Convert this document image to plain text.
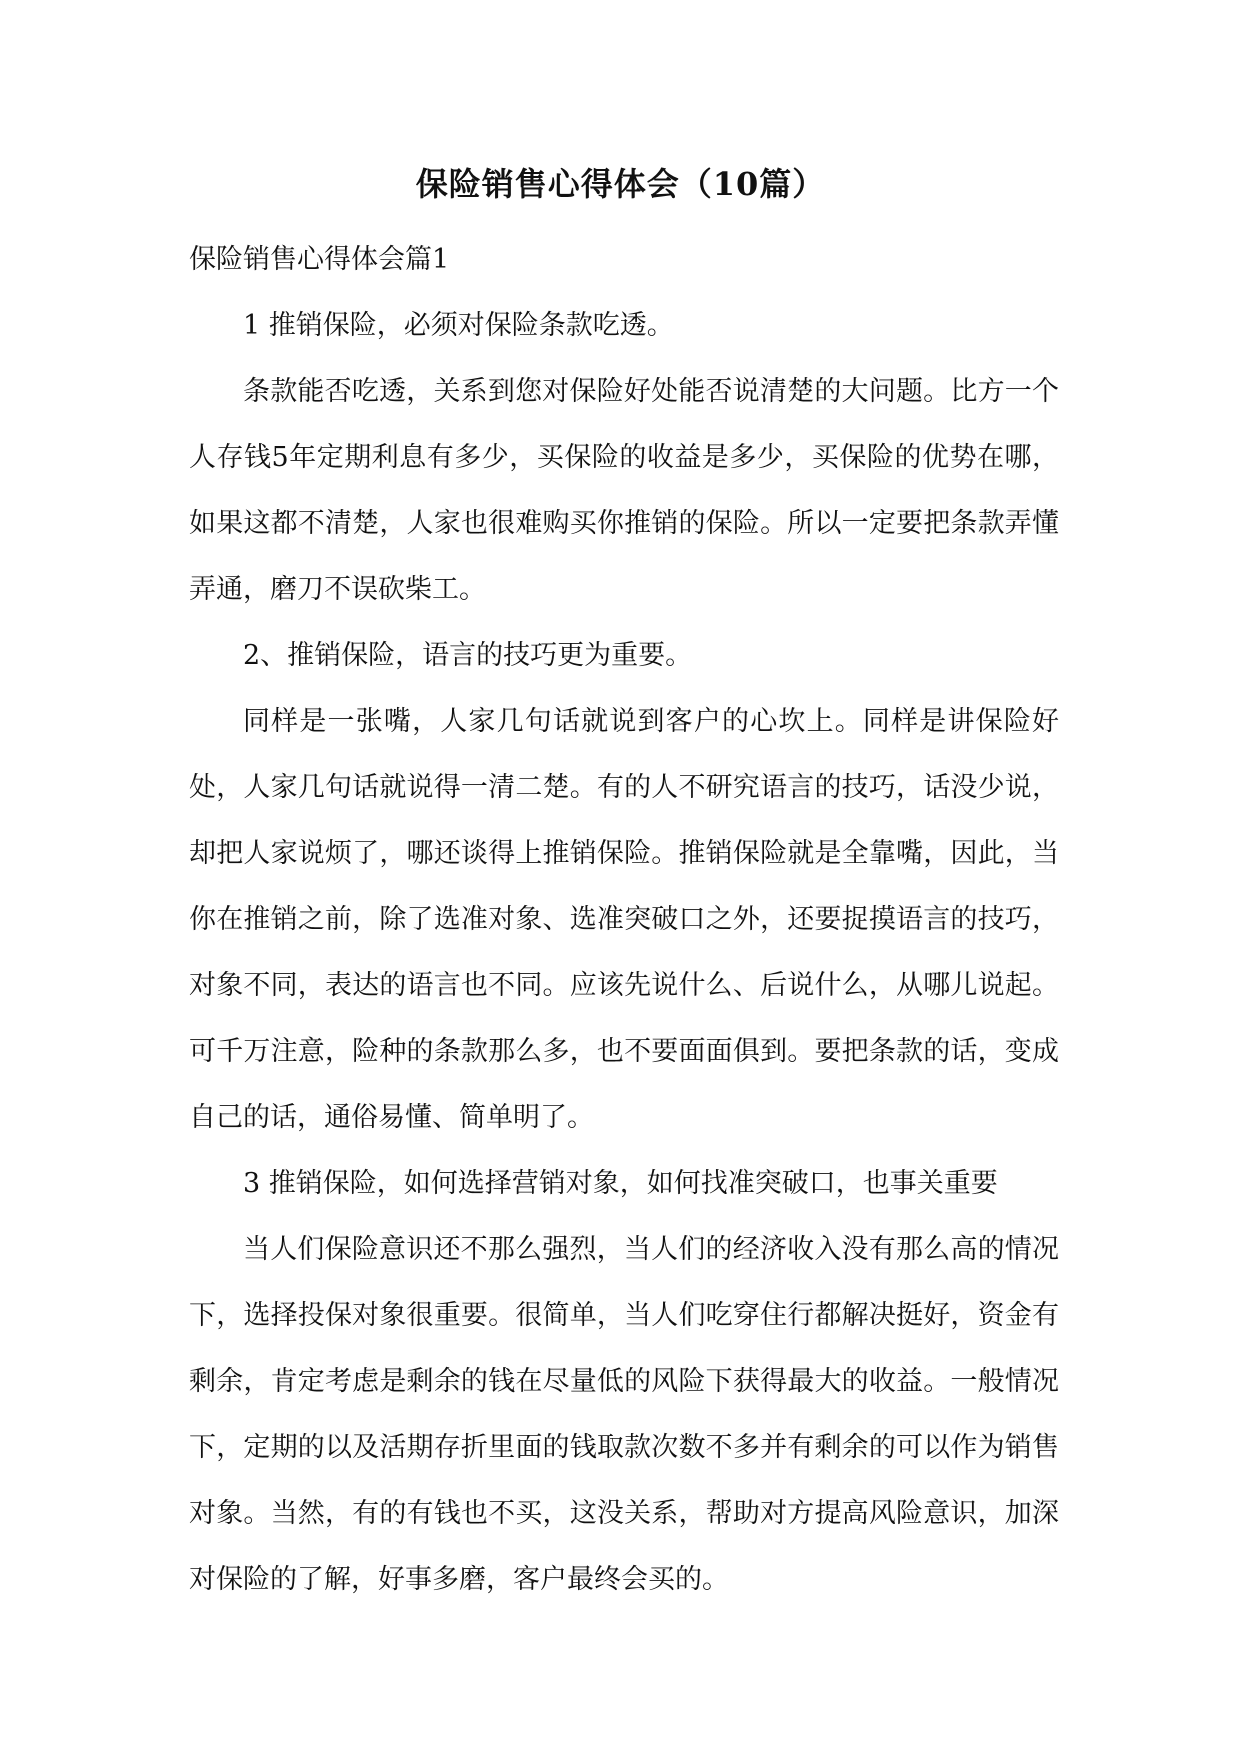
保险销售心得体会（10篇）

保险销售心得体会篇1

1 推销保险，必须对保险条款吃透。

条款能否吃透，关系到您对保险好处能否说清楚的大问题。比方一个人存钱5年定期利息有多少，买保险的收益是多少，买保险的优势在哪，如果这都不清楚，人家也很难购买你推销的保险。所以一定要把条款弄懂弄通，磨刀不误砍柴工。

2、推销保险，语言的技巧更为重要。

同样是一张嘴，人家几句话就说到客户的心坎上。同样是讲保险好处，人家几句话就说得一清二楚。有的人不研究语言的技巧，话没少说，却把人家说烦了，哪还谈得上推销保险。推销保险就是全靠嘴，因此，当你在推销之前，除了选准对象、选准突破口之外，还要捉摸语言的技巧，对象不同，表达的语言也不同。应该先说什么、后说什么，从哪儿说起。可千万注意，险种的条款那么多，也不要面面俱到。要把条款的话，变成自己的话，通俗易懂、简单明了。

3 推销保险，如何选择营销对象，如何找准突破口，也事关重要

当人们保险意识还不那么强烈，当人们的经济收入没有那么高的情况下，选择投保对象很重要。很简单，当人们吃穿住行都解决挺好，资金有剩余，肯定考虑是剩余的钱在尽量低的风险下获得最大的收益。一般情况下，定期的以及活期存折里面的钱取款次数不多并有剩余的可以作为销售对象。当然，有的有钱也不买，这没关系，帮助对方提高风险意识，加深对保险的了解，好事多磨，客户最终会买的。
